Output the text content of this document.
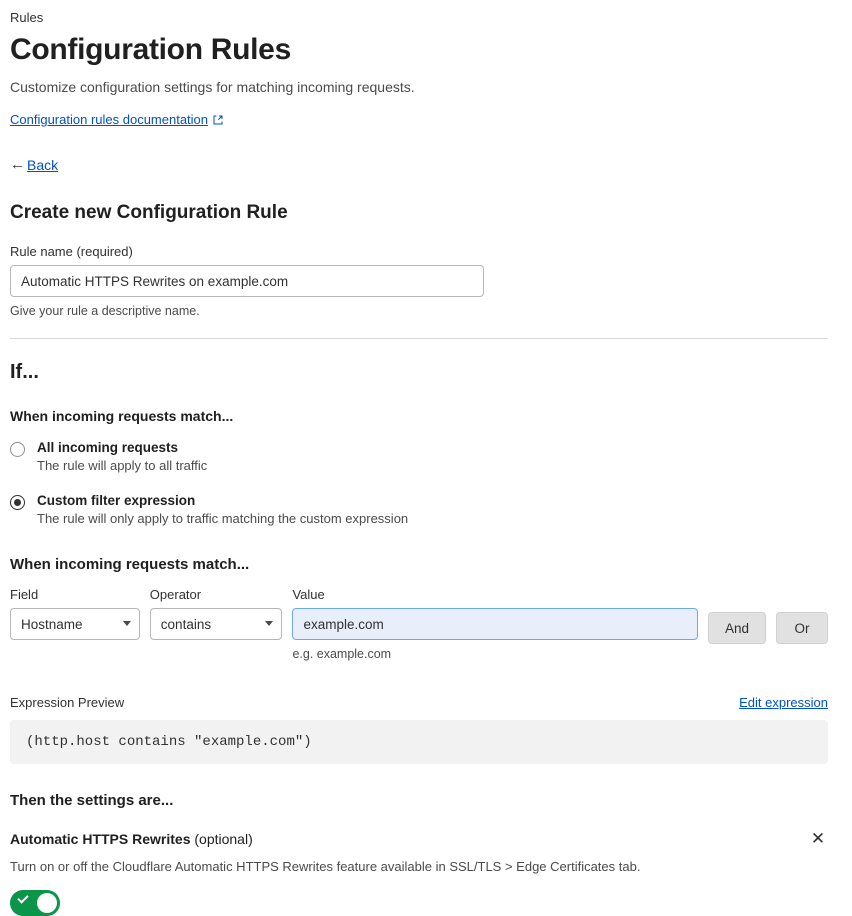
Rules
Configuration Rules

Customize configuration settings for matching incoming requests.

Configuration rules documentation
← Back
Create new Configuration Rule
Rule name (required)
Automatic HTTPS Rewrites on example.com
Give your rule a descriptive name.
If...
When incoming requests match...
All incoming requests
The rule will apply to all traffic
Custom filter expression
The rule will only apply to traffic matching the custom expression
When incoming requests match...
Field
Hostname
Operator
contains
Value
example.com
e.g. example.com
And	Or
Expression Preview	Edit expression
(http.host contains "example.com")
Then the settings are...
✕
Automatic HTTPS Rewrites (optional)
Turn on or off the Cloudflare Automatic HTTPS Rewrites feature available in SSL/TLS > Edge Certificates tab.
